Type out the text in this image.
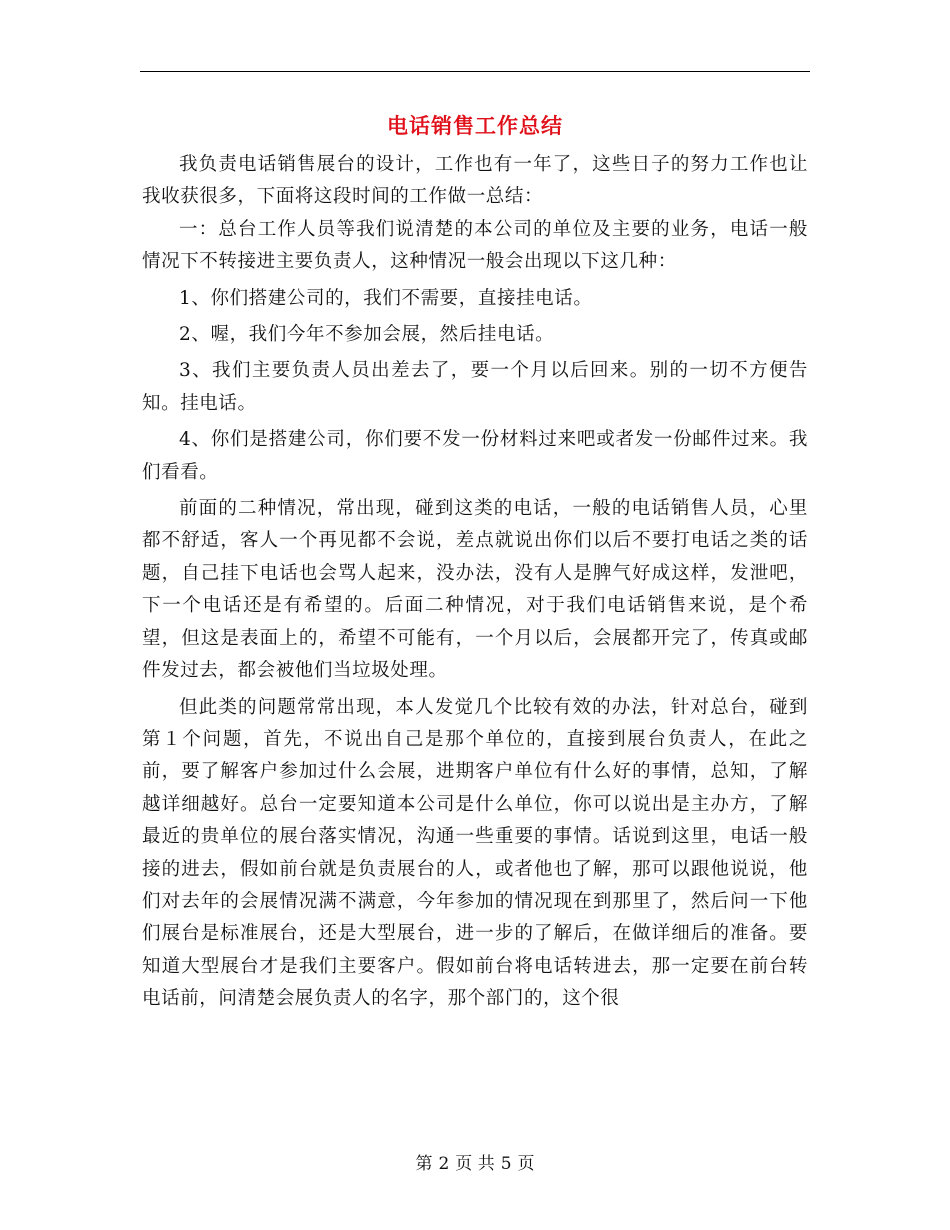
电话销售工作总结

我负责电话销售展台的设计，工作也有一年了，这些日子的努力工作也让我收获很多，下面将这段时间的工作做一总结：

一：总台工作人员等我们说清楚的本公司的单位及主要的业务，电话一般情况下不转接进主要负责人，这种情况一般会出现以下这几种：

1、你们搭建公司的，我们不需要，直接挂电话。

2、喔，我们今年不参加会展，然后挂电话。

3、我们主要负责人员出差去了，要一个月以后回来。别的一切不方便告知。挂电话。

4、你们是搭建公司，你们要不发一份材料过来吧或者发一份邮件过来。我们看看。

前面的二种情况，常出现，碰到这类的电话，一般的电话销售人员，心里都不舒适，客人一个再见都不会说，差点就说出你们以后不要打电话之类的话题，自己挂下电话也会骂人起来，没办法，没有人是脾气好成这样，发泄吧，下一个电话还是有希望的。后面二种情况，对于我们电话销售来说，是个希望，但这是表面上的，希望不可能有，一个月以后，会展都开完了，传真或邮件发过去，都会被他们当垃圾处理。

但此类的问题常常出现，本人发觉几个比较有效的办法，针对总台，碰到第１个问题，首先，不说出自己是那个单位的，直接到展台负责人，在此之前，要了解客户参加过什么会展，进期客户单位有什么好的事情，总知，了解越详细越好。总台一定要知道本公司是什么单位，你可以说出是主办方，了解最近的贵单位的展台落实情况，沟通一些重要的事情。话说到这里，电话一般接的进去，假如前台就是负责展台的人，或者他也了解，那可以跟他说说，他们对去年的会展情况满不满意，今年参加的情况现在到那里了，然后问一下他们展台是标准展台，还是大型展台，进一步的了解后，在做详细后的准备。要知道大型展台才是我们主要客户。假如前台将电话转进去，那一定要在前台转电话前，问清楚会展负责人的名字，那个部门的，这个很

第 2 页 共 5 页
